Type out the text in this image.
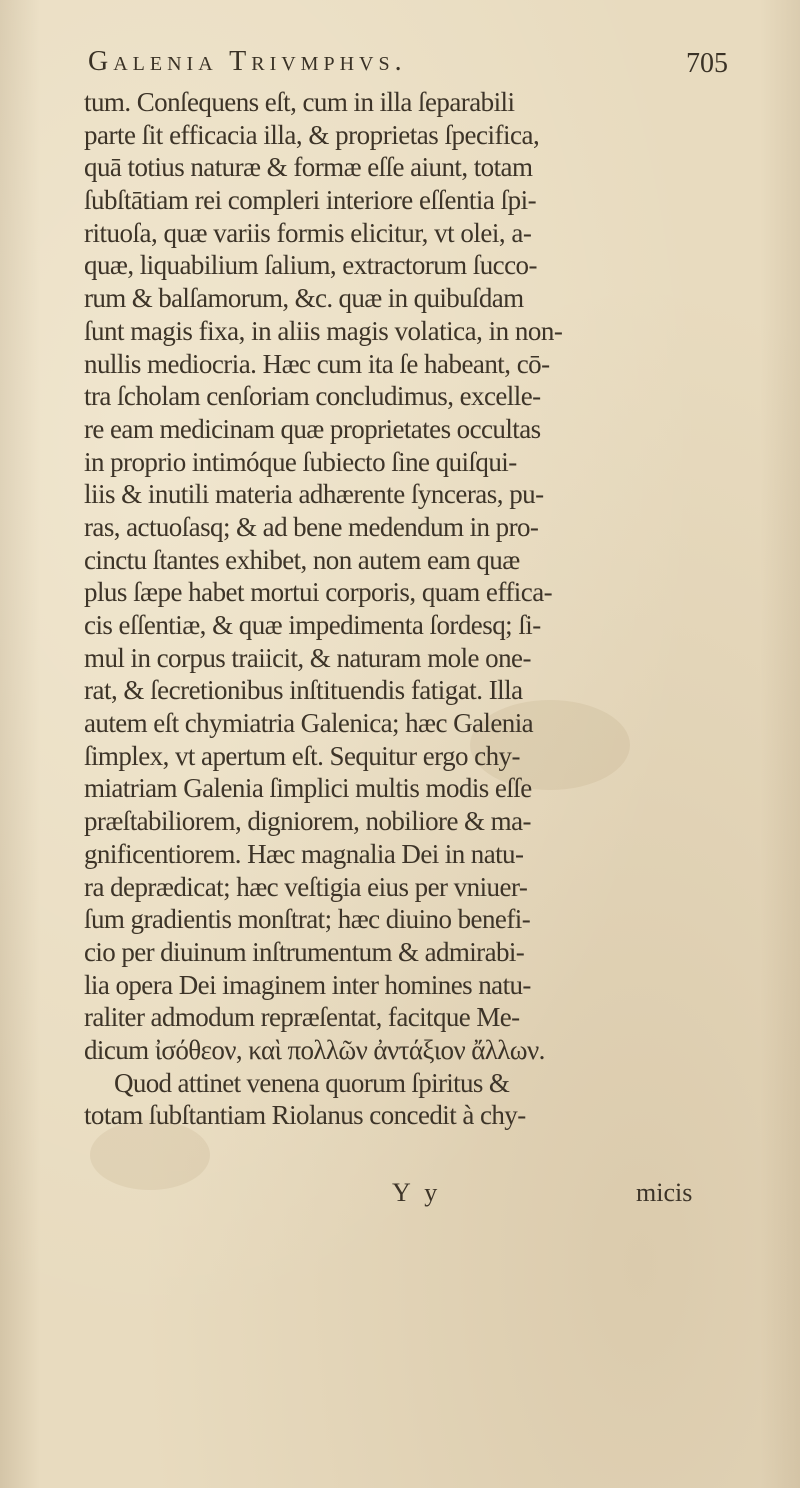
Galenia Trivmphvs.	705
tum. Conſequens eſt, cum in illa ſeparabili
parte ſit efficacia illa, & proprietas ſpecifica,
quā totius naturæ & formæ eſſe aiunt, totam
ſubſtātiam rei compleri interiore eſſentia ſpi-
rituoſa, quæ variis formis elicitur, vt olei, a-
quæ, liquabilium ſalium, extractorum ſucco-
rum & balſamorum, &c. quæ in quibuſdam
ſunt magis fixa, in aliis magis volatica, in non-
nullis mediocria. Hæc cum ita ſe habeant, cō-
tra ſcholam cenſoriam concludimus, excelle-
re eam medicinam quæ proprietates occultas
in proprio intimóque ſubiecto ſine quiſqui-
liis & inutili materia adhærente ſynceras, pu-
ras, actuoſasq; & ad bene medendum in pro-
cinctu ſtantes exhibet, non autem eam quæ
plus ſæpe habet mortui corporis, quam effica-
cis eſſentiæ, & quæ impedimenta ſordesq; ſi-
mul in corpus traiicit, & naturam mole one-
rat, & ſecretionibus inſtituendis fatigat. Illa
autem eſt chymiatria Galenica; hæc Galenia
ſimplex, vt apertum eſt. Sequitur ergo chy-
miatriam Galenia ſimplici multis modis eſſe
præſtabiliorem, digniorem, nobiliore & ma-
gnificentiorem. Hæc magnalia Dei in natu-
ra deprædicat; hæc veſtigia eius per vniuer-
ſum gradientis monſtrat; hæc diuino benefi-
cio per diuinum inſtrumentum & admirabi-
lia opera Dei imaginem inter homines natu-
raliter admodum repræſentat, facitque Me-
dicum ἰσόθεον, καὶ πολλῶν ἀντάξιον ἄλλων.
Quod attinet venena quorum ſpiritus &
totam ſubſtantiam Riolanus concedit à chy-
Y y	micis
